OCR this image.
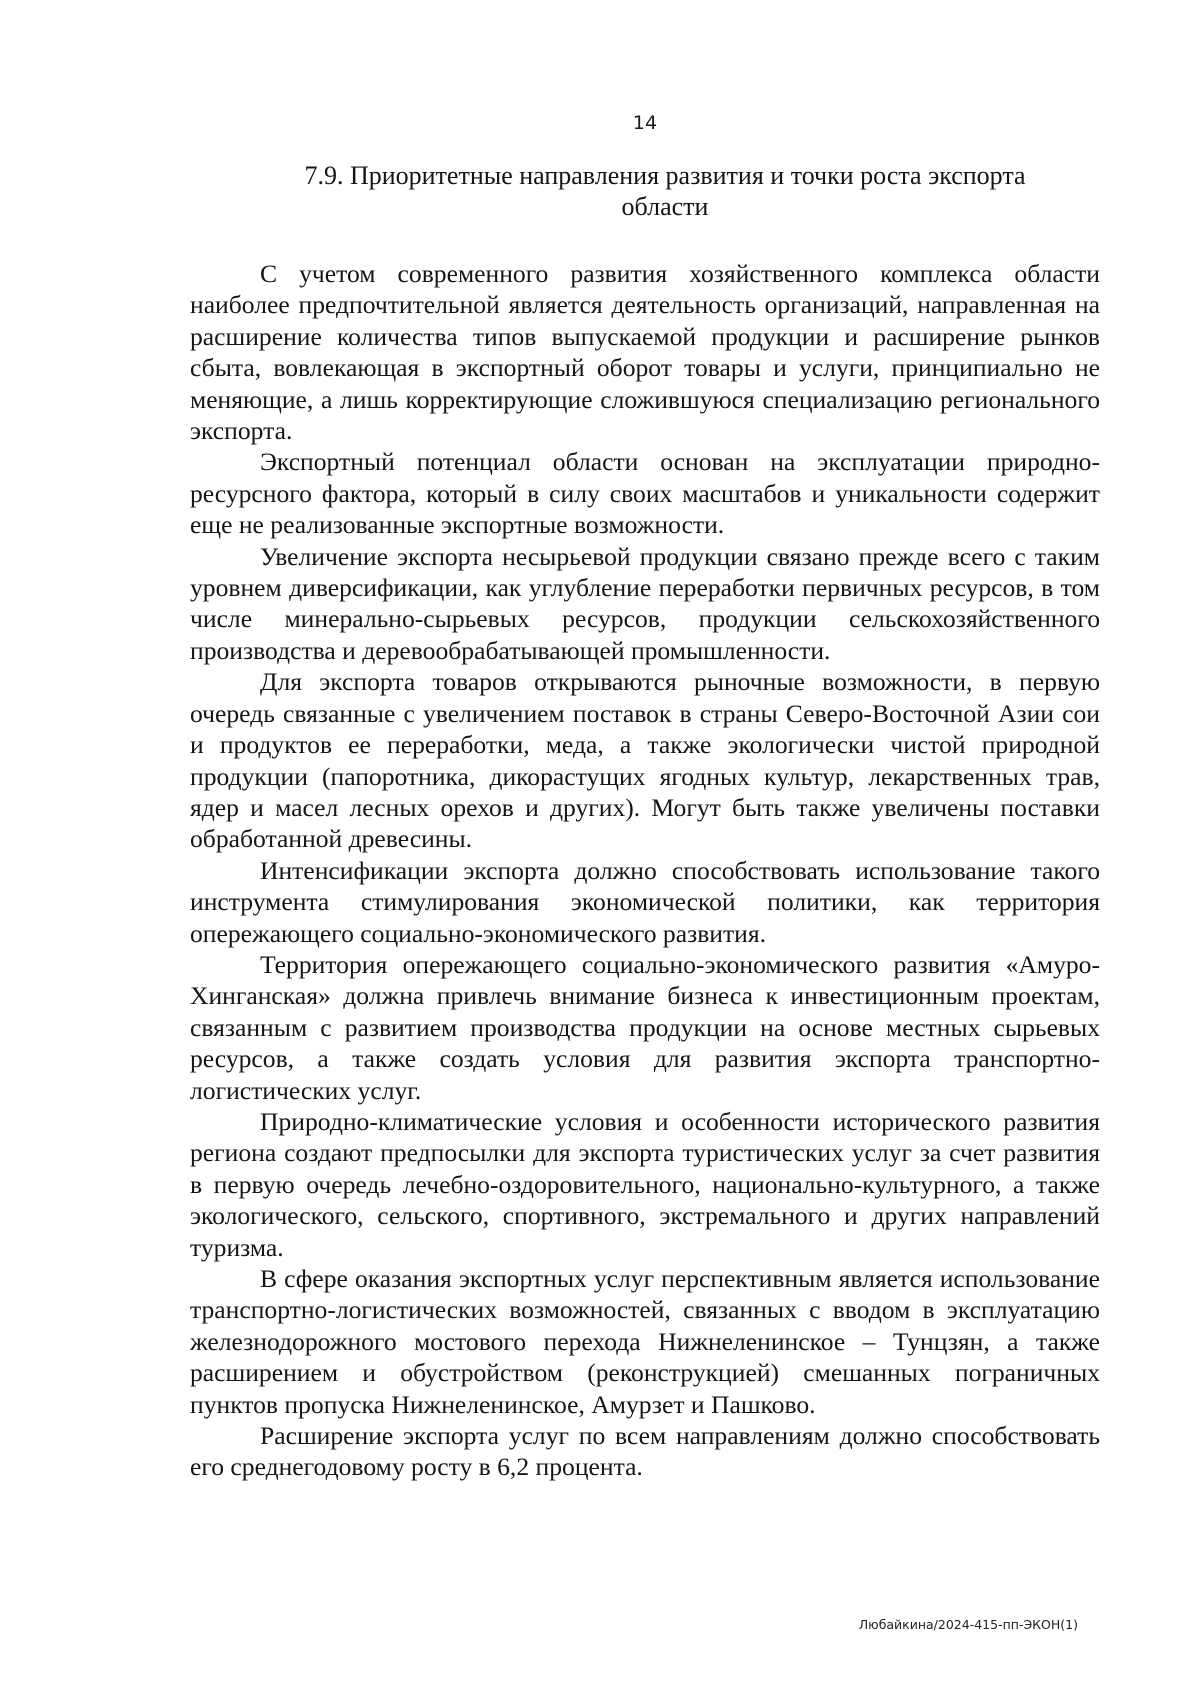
14
7.9. Приоритетные направления развития и точки роста экспорта области

С учетом современного развития хозяйственного комплекса области наиболее предпочтительной является деятельность организаций, направленная на расширение количества типов выпускаемой продукции и расширение рынков сбыта, вовлекающая в экспортный оборот товары и услуги, принципиально не меняющие, а лишь корректирующие сложившуюся специализацию регионального экспорта.

Экспортный потенциал области основан на эксплуатации природно-ресурсного фактора, который в силу своих масштабов и уникальности содержит еще не реализованные экспортные возможности.

Увеличение экспорта несырьевой продукции связано прежде всего с таким уровнем диверсификации, как углубление переработки первичных ресурсов, в том числе минерально-сырьевых ресурсов, продукции сельскохозяйственного производства и деревообрабатывающей промышленности.

Для экспорта товаров открываются рыночные возможности, в первую очередь связанные с увеличением поставок в страны Северо-Восточной Азии сои и продуктов ее переработки, меда, а также экологически чистой природной продукции (папоротника, дикорастущих ягодных культур, лекарственных трав, ядер и масел лесных орехов и других). Могут быть также увеличены поставки обработанной древесины.

Интенсификации экспорта должно способствовать использование такого инструмента стимулирования экономической политики, как территория опережающего социально-экономического развития.

Территория опережающего социально-экономического развития «Амуро-Хинганская» должна привлечь внимание бизнеса к инвестиционным проектам, связанным с развитием производства продукции на основе местных сырьевых ресурсов, а также создать условия для развития экспорта транспортно-логистических услуг.

Природно-климатические условия и особенности исторического развития региона создают предпосылки для экспорта туристических услуг за счет развития в первую очередь лечебно-оздоровительного, национально-культурного, а также экологического, сельского, спортивного, экстремального и других направлений туризма.

В сфере оказания экспортных услуг перспективным является использование транспортно-логистических возможностей, связанных с вводом в эксплуатацию железнодорожного мостового перехода Нижнеленинское – Тунцзян, а также расширением и обустройством (реконструкцией) смешанных пограничных пунктов пропуска Нижнеленинское, Амурзет и Пашково.

Расширение экспорта услуг по всем направлениям должно способствовать его среднегодовому росту в 6,2 процента.

Любайкина/2024-415-пп-ЭКОН(1)
